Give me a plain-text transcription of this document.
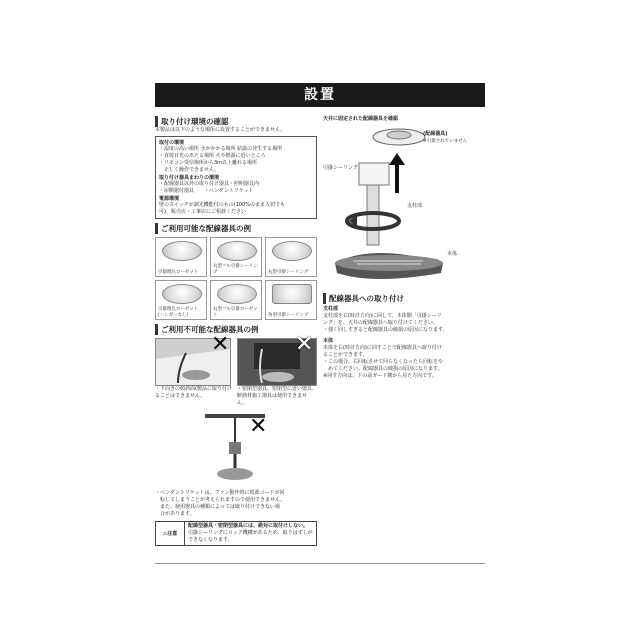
設置

取り付け環境の確認

本製品は以下のような場所に設置することができません。

取付の環境

・湿度の高い場所 水がかかる場所 結露の発生する場所

・直射日光のあたる場所 火や熱源に近いところ

・リモコン受信場所から3m以上離れる場所

　正しく操作できません。

取り付け器具まわりの環境

・配線器具以外の取り付け器具・照明器具内

・屋側据付器具　　・ペンダントソケット

電源環境

壁のスイッチが調光機能付のもの(100%のまま入切でも

可)、販売店・工事店にご相談ください

ご利用可能な配線器具の例

引掛埋込ローゼット
丸型フル引掛シーリング	丸型引掛シーリング
引掛埋込ローゼット(ハンガーなし)
丸型フル引掛ローゼット	角型引掛シーリング

ご利用不可能な配線器具の例

✕	✕

・下向きの傾斜面(製品に取り付けることはできません。

・密閉型器具、密閉型に近い器具、断熱材施工器具は使用できません。

✕

・ペンダントソケットは、ファン動作時に電源コードが回

　転してしまうことが考えられますので使用できません。

　また、使用器具の種類によっては取り付けできない場

　合があります。

⚠ 注意

配線型器具・密閉型器具には、絶対に取付けしない。

引掛シーリングにロック機構があるため、取りはずしができなくなります。

天井に固定された配線器具を確認

(配線器具)

※引掛されていません

引掛シーリング

支柱部

本体

配線器具への取り付け

支柱部

支柱部を右(時計方向)に回して、本体側「引掛シーリ

ング」を、天井の配線器具へ取り付けてください。

・強く回しすぎると配線器具の破損の原因になります。

本体

本体を右(時計方向)に回すことで配線器具へ取り付け

ることができます。

・この場合、右回転させて回らなくなったら回転をや

　めてください。配線器具の破損の原因になります。

※回す方向は、下の前ガード側から見た方向です。
